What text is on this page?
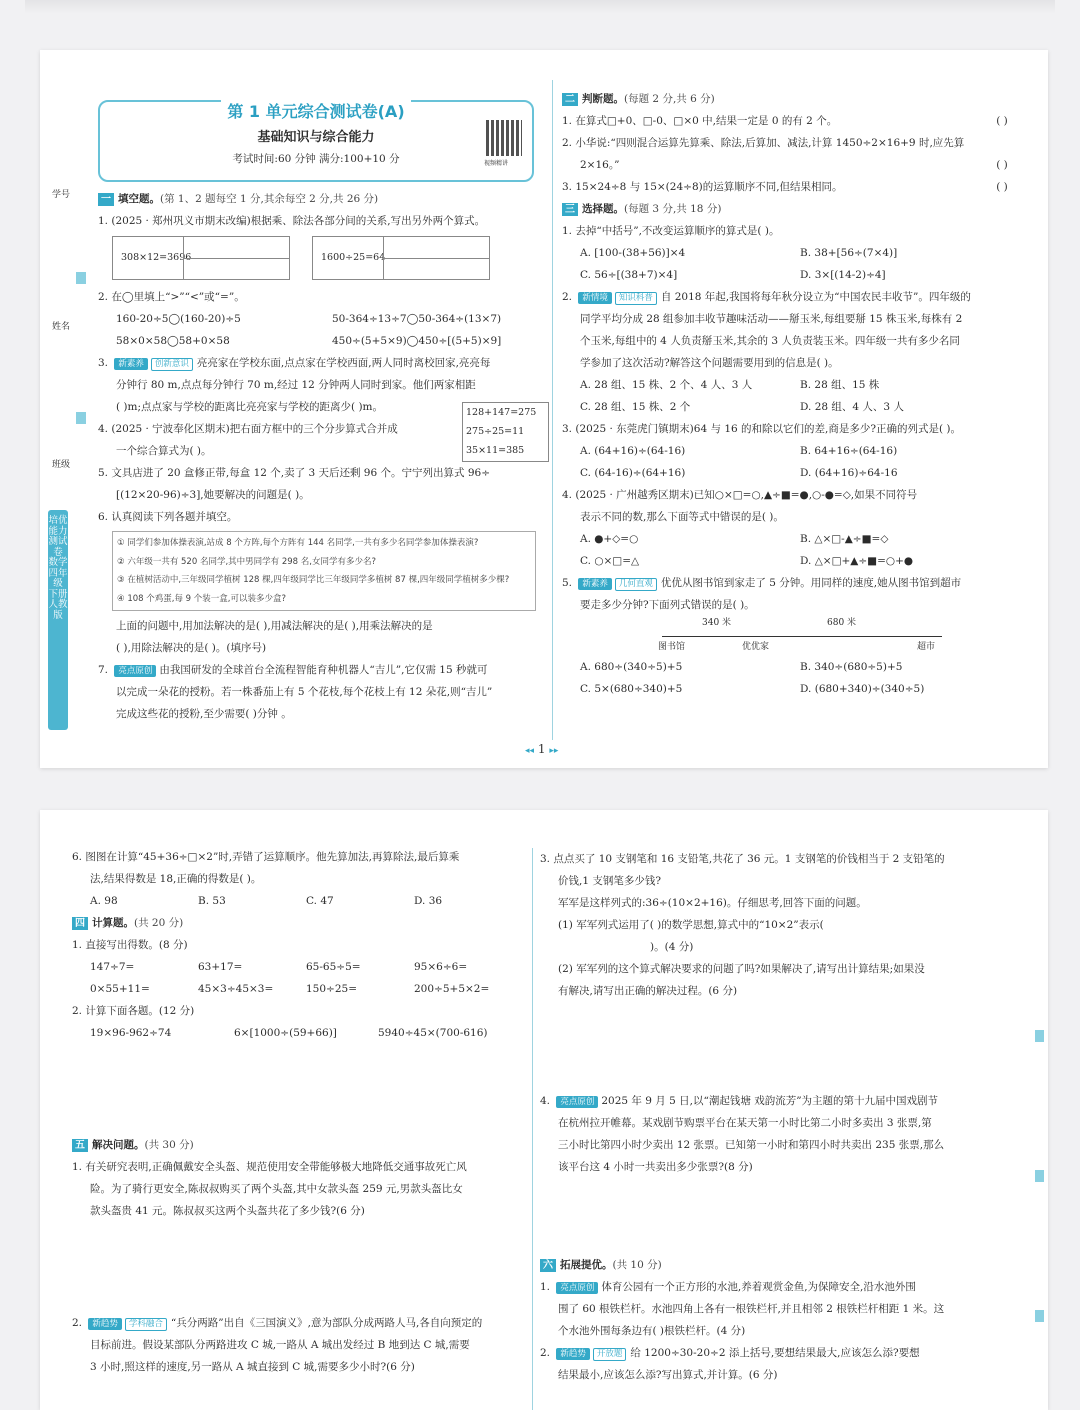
学号
姓名
班级
培优能力测试卷 数学四年级 下册 人教版
第 1 单元综合测试卷(A)
基础知识与综合能力
考试时间:60 分钟 满分:100+10 分	视频精讲
一 填空题。(第 1、2 题每空 1 分,其余每空 2 分,共 26 分)
1. (2025 · 郑州巩义市期末改编)根据乘、除法各部分间的关系,写出另外两个算式。
308×12=3696	1600÷25=64
2. 在◯里填上“>”“<”或“=”。
160-20÷5◯(160-20)÷5	50-364÷13÷7◯50-364÷(13×7)
58×0×58◯58+0×58	450÷(5+5×9)◯450÷[(5+5)×9]
3. 新素养 创新意识 亮亮家在学校东面,点点家在学校西面,两人同时离校回家,亮亮每
分钟行 80 m,点点每分钟行 70 m,经过 12 分钟两人同时到家。他们两家相距
( )m;点点家与学校的距离比亮亮家与学校的距离少( )m。
4. (2025 · 宁波奉化区期末)把右面方框中的三个分步算式合并成
一个综合算式为( )。
5. 文具店进了 20 盒修正带,每盒 12 个,卖了 3 天后还剩 96 个。宁宁列出算式 96÷
[(12×20-96)÷3],她要解决的问题是( )。
6. 认真阅读下列各题并填空。
① 同学们参加体操表演,站成 8 个方阵,每个方阵有 144 名同学,一共有多少名同学参加体操表演?
② 六年级一共有 520 名同学,其中男同学有 298 名,女同学有多少名?
③ 在植树活动中,三年级同学植树 128 棵,四年级同学比三年级同学多植树 87 棵,四年级同学植树多少棵?
④ 108 个鸡蛋,每 9 个装一盒,可以装多少盒?
上面的问题中,用加法解决的是( ),用减法解决的是( ),用乘法解决的是
( ),用除法解决的是( )。(填序号)
7. 亮点原创 由我国研发的全球首台全流程智能育种机器人“吉儿”,它仅需 15 秒就可
以完成一朵花的授粉。若一株番茄上有 5 个花枝,每个花枝上有 12 朵花,则“吉儿”
完成这些花的授粉,至少需要( )分钟 。
128+147=275
275÷25=11
35×11=385
二 判断题。(每题 2 分,共 6 分)
( )
1. 在算式□+0、□-0、□×0 中,结果一定是 0 的有 2 个。
2. 小华说:“四则混合运算先算乘、除法,后算加、减法,计算 1450÷2×16+9 时,应先算
( )
2×16。”
( )
3. 15×24÷8 与 15×(24÷8)的运算顺序不同,但结果相同。
三 选择题。(每题 3 分,共 18 分)
1. 去掉“中括号”,不改变运算顺序的算式是( )。
A. [100-(38+56)]×4	B. 38+[56÷(7×4)]
C. 56÷[(38+7)×4]	D. 3×[(14-2)÷4]
2. 新情境 知识科普 自 2018 年起,我国将每年秋分设立为“中国农民丰收节”。四年级的
同学平均分成 28 组参加丰收节趣味活动——掰玉米,每组要掰 15 株玉米,每株有 2
个玉米,每组中的 4 人负责掰玉米,其余的 3 人负责装玉米。四年级一共有多少名同
学参加了这次活动?解答这个问题需要用到的信息是( )。
A. 28 组、15 株、2 个、4 人、3 人	B. 28 组、15 株
C. 28 组、15 株、2 个	D. 28 组、4 人、3 人
3. (2025 · 东莞虎门镇期末)64 与 16 的和除以它们的差,商是多少?正确的列式是( )。
A. (64+16)÷(64-16)	B. 64+16÷(64-16)
C. (64-16)÷(64+16)	D. (64+16)÷64-16
4. (2025 · 广州越秀区期末)已知○×□=○,▲÷■=●,○-●=◇,如果不同符号
表示不同的数,那么下面等式中错误的是( )。
A. ●+◇=○	B. △×□-▲÷■=◇
C. ○×□=△	D. △×□+▲÷■=○+●
5. 新素养 几何直观 优优从图书馆到家走了 5 分钟。用同样的速度,她从图书馆到超市
要走多少分钟?下面列式错误的是( )。
340 米	680 米
图书馆	优优家	超市
A. 680÷(340÷5)+5	B. 340÷(680÷5)+5
C. 5×(680÷340)+5	D. (680+340)÷(340÷5)
◂◂ 1 ▸▸
6. 图图在计算“45+36÷□×2”时,弄错了运算顺序。他先算加法,再算除法,最后算乘
法,结果得数是 18,正确的得数是( )。
A. 98	B. 53	C. 47	D. 36
四 计算题。(共 20 分)
1. 直接写出得数。(8 分)
147÷7=	63+17=	65-65÷5=	95×6÷6=
0×55+11=	45×3÷45×3=	150÷25=	200÷5+5×2=
2. 计算下面各题。(12 分)
19×96-962÷74	6×[1000÷(59+66)]	5940÷45×(700-616)
五 解决问题。(共 30 分)
1. 有关研究表明,正确佩戴安全头盔、规范使用安全带能够极大地降低交通事故死亡风
险。为了骑行更安全,陈叔叔购买了两个头盔,其中女款头盔 259 元,男款头盔比女
款头盔贵 41 元。陈叔叔买这两个头盔共花了多少钱?(6 分)
2. 新趋势 学科融合 “兵分两路”出自《三国演义》,意为部队分成两路人马,各自向预定的
目标前进。假设某部队分两路进攻 C 城,一路从 A 城出发经过 B 地到达 C 城,需要
3 小时,照这样的速度,另一路从 A 城直接到 C 城,需要多少小时?(6 分)
3. 点点买了 10 支钢笔和 16 支铅笔,共花了 36 元。1 支钢笔的价钱相当于 2 支铅笔的
价钱,1 支钢笔多少钱?
军军是这样列式的:36÷(10×2+16)。仔细思考,回答下面的问题。
(1) 军军列式运用了( )的数学思想,算式中的“10×2”表示(
)。(4 分)
(2) 军军列的这个算式解决要求的问题了吗?如果解决了,请写出计算结果;如果没
有解决,请写出正确的解决过程。(6 分)
4. 亮点原创 2025 年 9 月 5 日,以“潮起钱塘 戏韵流芳”为主题的第十九届中国戏剧节
在杭州拉开帷幕。某戏剧节购票平台在某天第一小时比第二小时多卖出 3 张票,第
三小时比第四小时少卖出 12 张票。已知第一小时和第四小时共卖出 235 张票,那么
该平台这 4 小时一共卖出多少张票?(8 分)
六 拓展提优。(共 10 分)
1. 亮点原创 体育公园有一个正方形的水池,养着观赏金鱼,为保障安全,沿水池外围
围了 60 根铁栏杆。水池四角上各有一根铁栏杆,并且相邻 2 根铁栏杆相距 1 米。这
个水池外围每条边有( )根铁栏杆。(4 分)
2. 新趋势 开放题 给 1200÷30-20÷2 添上括号,要想结果最大,应该怎么添?要想
结果最小,应该怎么添?写出算式,并计算。(6 分)
